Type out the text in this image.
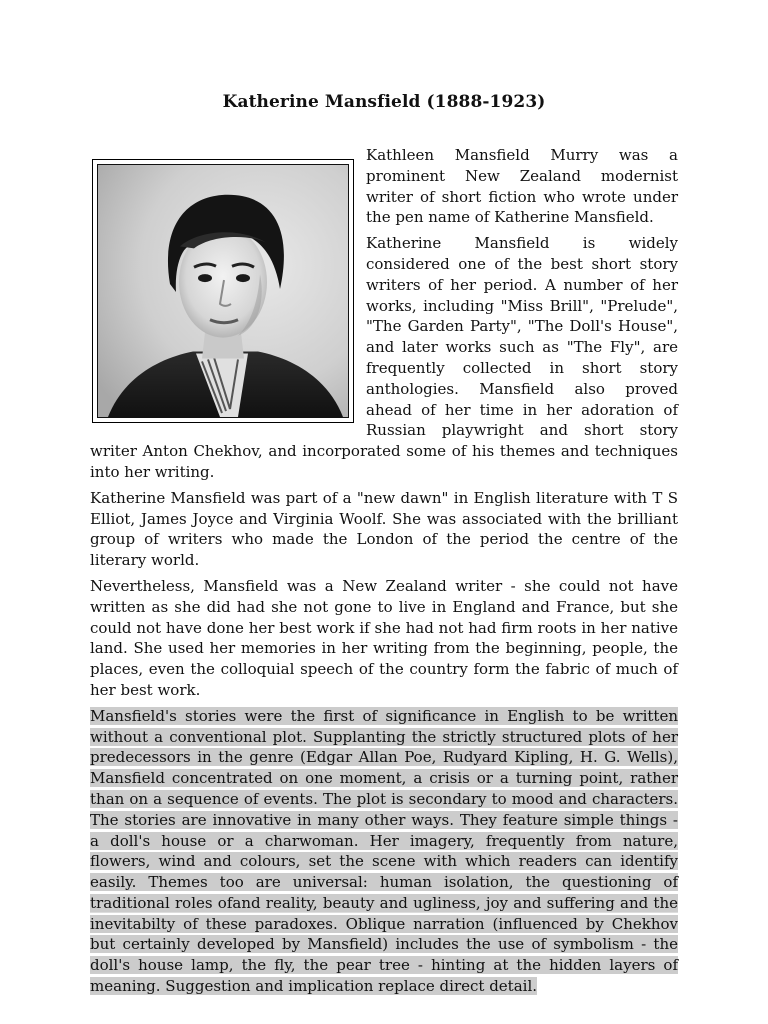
Katherine Mansfield (1888-1923)

Kathleen Mansfield Murry was a prominent New Zealand modernist writer of short fiction who wrote under the pen name of Katherine Mansfield.

Katherine Mansfield is widely considered one of the best short story writers of her period. A number of her works, including "Miss Brill", "Prelude", "The Garden Party", "The Doll's House", and later works such as "The Fly", are frequently collected in short story anthologies. Mansfield also proved ahead of her time in her adoration of Russian playwright and short story writer Anton Chekhov, and incorporated some of his themes and techniques into her writing.

Katherine Mansfield was part of a "new dawn" in English literature with T S Elliot, James Joyce and Virginia Woolf. She was associated with the brilliant group of writers who made the London of the period the centre of the literary world.

Nevertheless, Mansfield was a New Zealand writer - she could not have written as she did had she not gone to live in England and France, but she could not have done her best work if she had not had firm roots in her native land. She used her memories in her writing from the beginning, people, the places, even the colloquial speech of the country form the fabric of much of her best work.

Mansfield's stories were the first of significance in English to be written without a conventional plot. Supplanting the strictly structured plots of her predecessors in the genre (Edgar Allan Poe, Rudyard Kipling, H. G. Wells), Mansfield concentrated on one moment, a crisis or a turning point, rather than on a sequence of events. The plot is secondary to mood and characters. The stories are innovative in many other ways. They feature simple things - a doll's house or a charwoman. Her imagery, frequently from nature, flowers, wind and colours, set the scene with which readers can identify easily. Themes too are universal: human isolation, the questioning of traditional roles ofand reality, beauty and ugliness, joy and suffering and the inevitabilty of these paradoxes. Oblique narration (influenced by Chekhov but certainly developed by Mansfield) includes the use of symbolism - the doll's house lamp, the fly, the pear tree - hinting at the hidden layers of meaning. Suggestion and implication replace direct detail.
